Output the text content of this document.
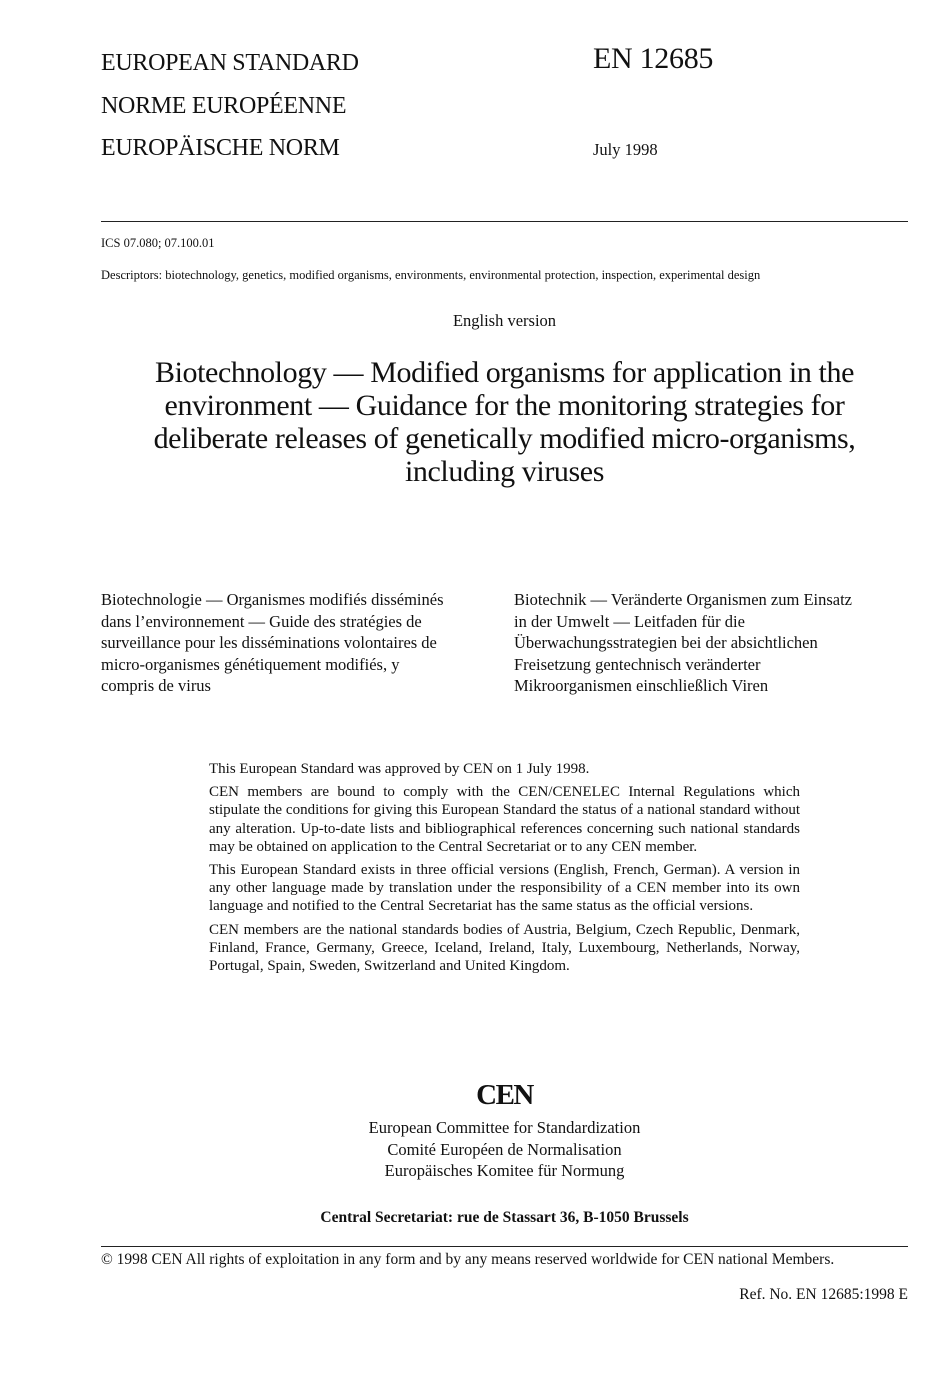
EUROPEAN STANDARD
NORME EUROPÉENNE
EUROPÄISCHE NORM
EN 12685
July 1998
ICS 07.080; 07.100.01
Descriptors: biotechnology, genetics, modified organisms, environments, environmental protection, inspection, experimental design
English version
Biotechnology — Modified organisms for application in the
environment — Guidance for the monitoring strategies for
deliberate releases of genetically modified micro-organisms,
including viruses
Biotechnologie — Organismes modifiés disséminés
dans l’environnement — Guide des stratégies de
surveillance pour les disséminations volontaires de
micro-organismes génétiquement modifiés, y
compris de virus
Biotechnik — Veränderte Organismen zum Einsatz
in der Umwelt — Leitfaden für die
Überwachungsstrategien bei der absichtlichen
Freisetzung gentechnisch veränderter
Mikroorganismen einschließlich Viren

This European Standard was approved by CEN on 1 July 1998.

CEN members are bound to comply with the CEN/CENELEC Internal Regulations which stipulate the conditions for giving this European Standard the status of a national standard without any alteration. Up-to-date lists and bibliographical references concerning such national standards may be obtained on application to the Central Secretariat or to any CEN member.

This European Standard exists in three official versions (English, French, German). A version in any other language made by translation under the responsibility of a CEN member into its own language and notified to the Central Secretariat has the same status as the official versions.

CEN members are the national standards bodies of Austria, Belgium, Czech Republic, Denmark, Finland, France, Germany, Greece, Iceland, Ireland, Italy, Luxembourg, Netherlands, Norway, Portugal, Spain, Sweden, Switzerland and United Kingdom.

CEN
European Committee for Standardization
Comité Européen de Normalisation
Europäisches Komitee für Normung
Central Secretariat: rue de Stassart 36, B-1050 Brussels
© 1998 CEN All rights of exploitation in any form and by any means reserved worldwide for CEN national Members.
Ref. No. EN 12685:1998 E
